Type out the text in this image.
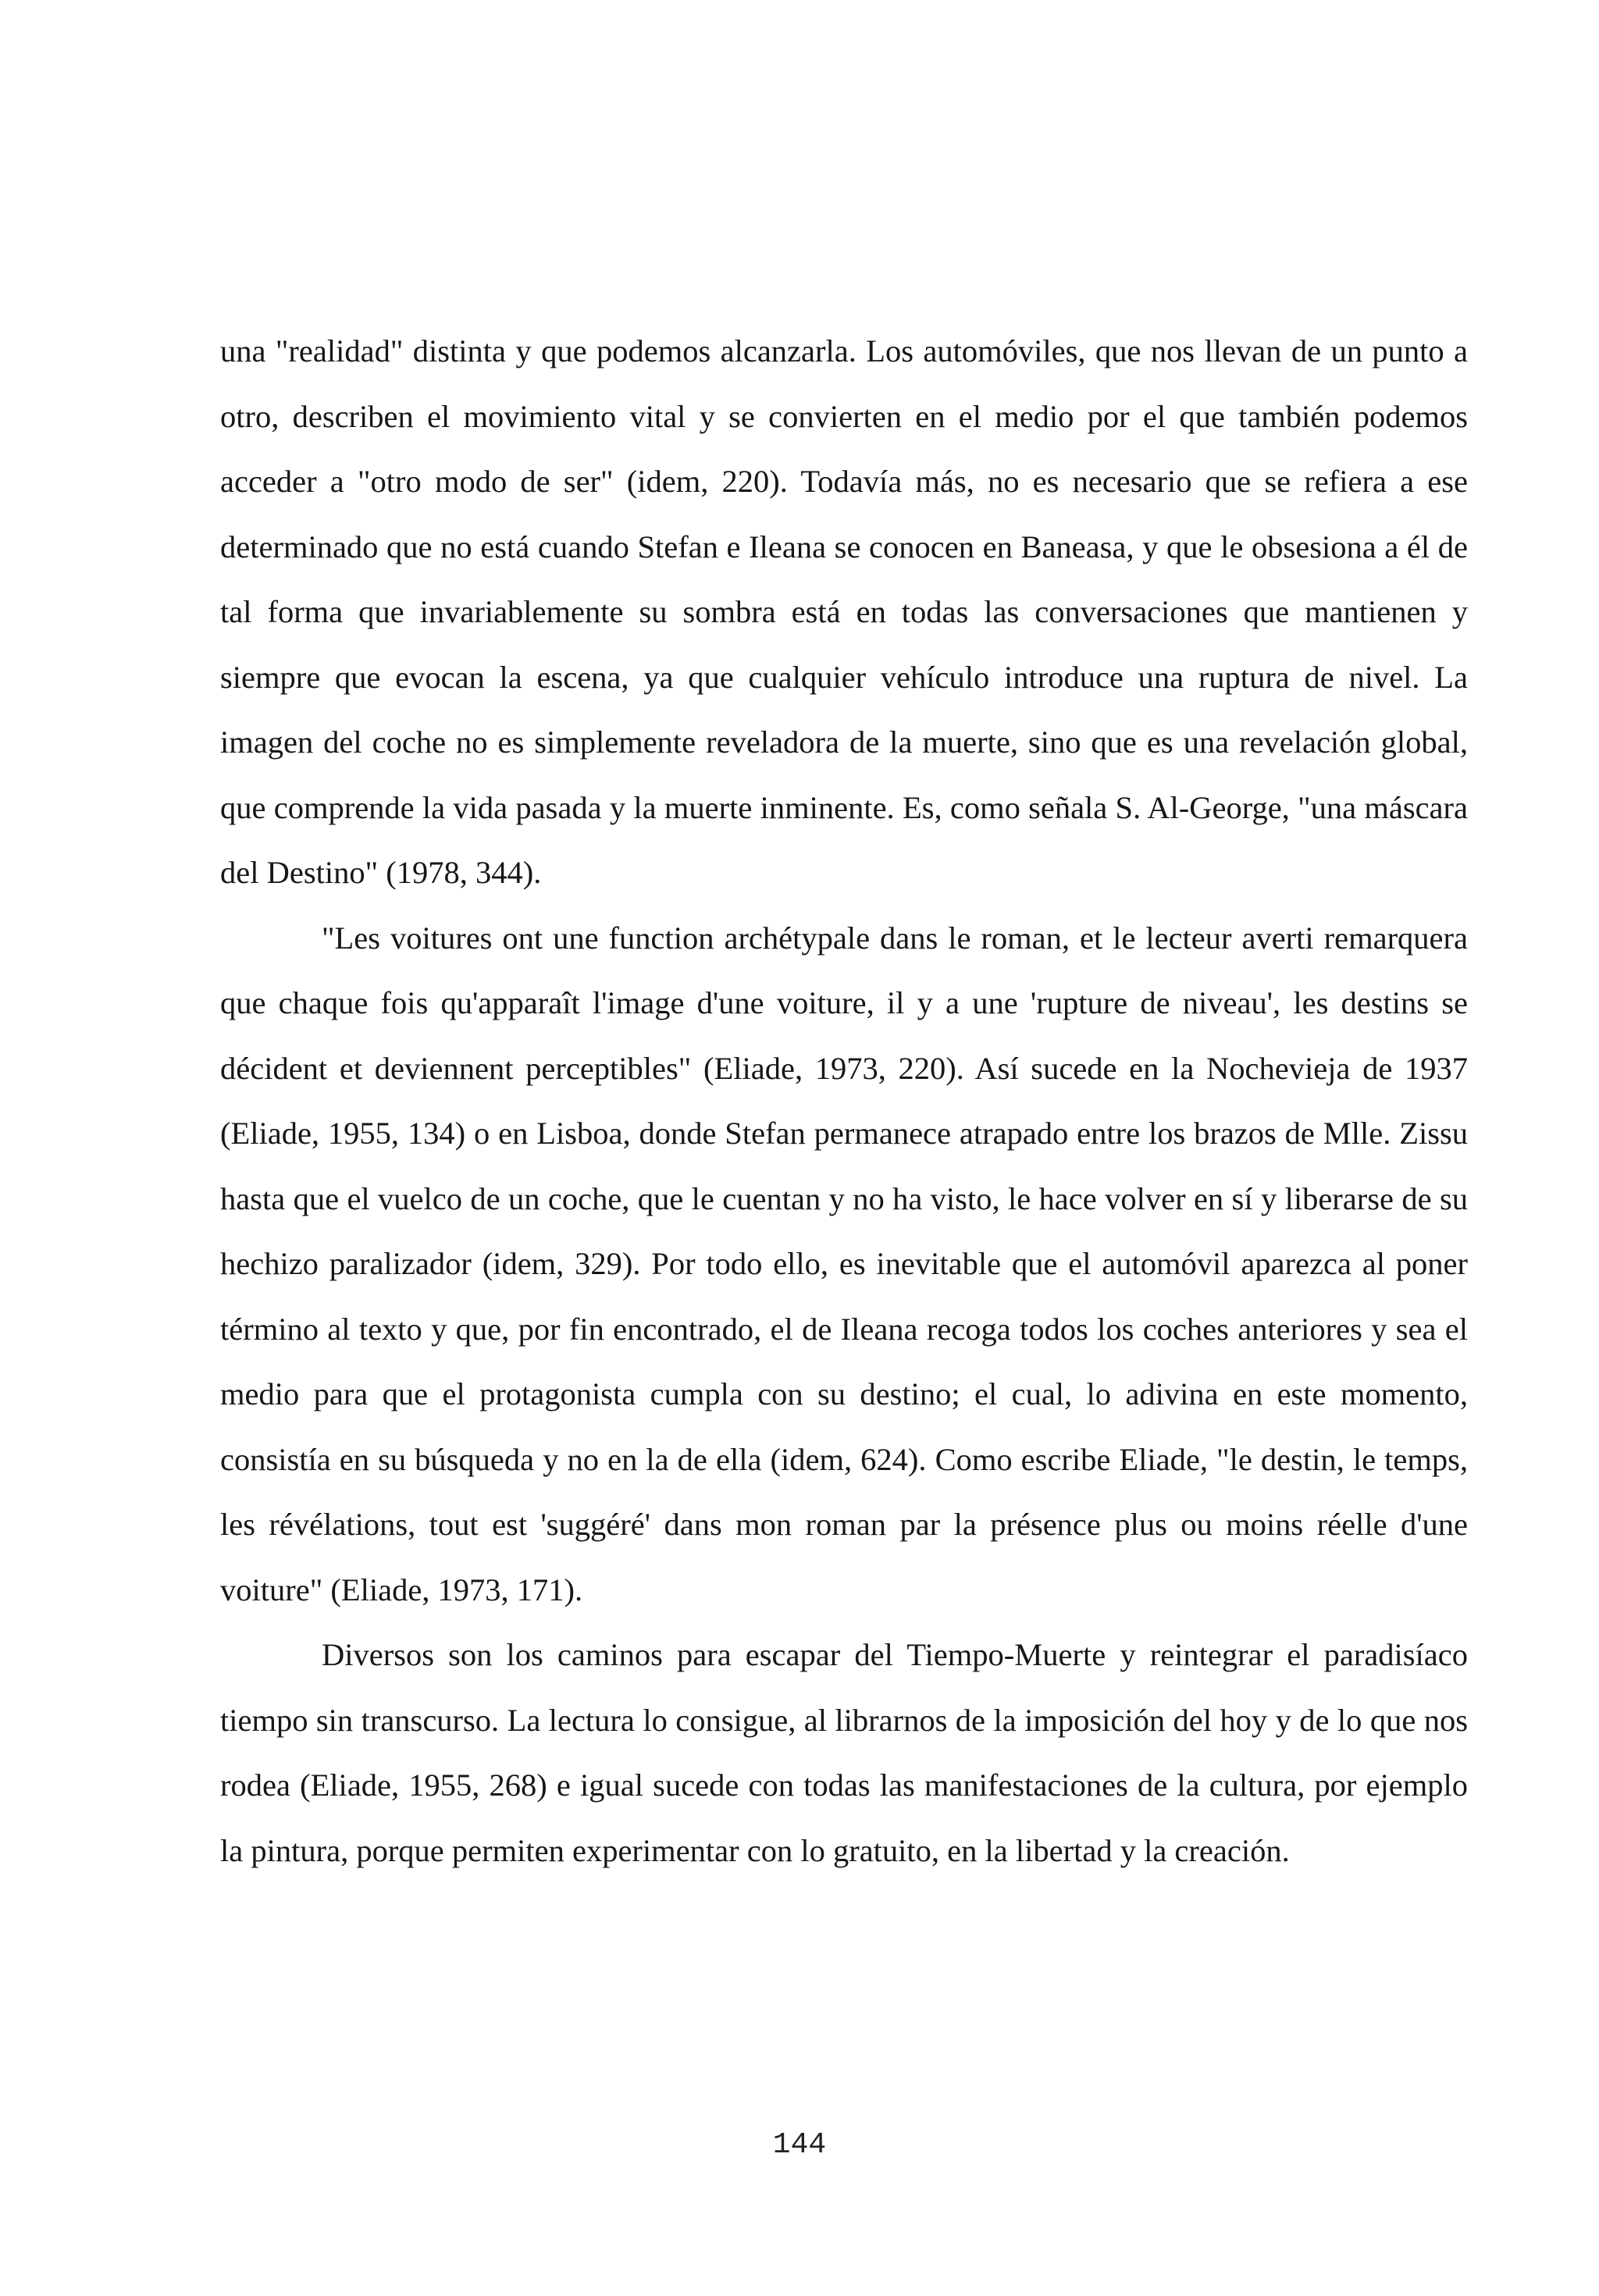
una "realidad" distinta y que podemos alcanzarla. Los automóviles, que nos llevan de un punto a otro, describen el movimiento vital y se convierten en el medio por el que también podemos acceder a "otro modo de ser" (idem, 220). Todavía más, no es necesario que se refiera a ese determinado que no está cuando Stefan e Ileana se conocen en Baneasa, y que le obsesiona a él de tal forma que invariablemente su sombra está en todas las conversaciones que mantienen y siempre que evocan la escena, ya que cualquier vehículo introduce una ruptura de nivel. La imagen del coche no es simplemente reveladora de la muerte, sino que es una revelación global, que comprende la vida pasada y la muerte inminente. Es, como señala S. Al-George, "una máscara del Destino" (1978, 344).

"Les voitures ont une function archétypale dans le roman, et le lecteur averti remarquera que chaque fois qu'apparaît l'image d'une voiture, il y a une 'rupture de niveau', les destins se décident et deviennent perceptibles" (Eliade, 1973, 220). Así sucede en la Nochevieja de 1937 (Eliade, 1955, 134) o en Lisboa, donde Stefan permanece atrapado entre los brazos de Mlle. Zissu hasta que el vuelco de un coche, que le cuentan y no ha visto, le hace volver en sí y liberarse de su hechizo paralizador (idem, 329). Por todo ello, es inevitable que el automóvil aparezca al poner término al texto y que, por fin encontrado, el de Ileana recoga todos los coches anteriores y sea el medio para que el protagonista cumpla con su destino; el cual, lo adivina en este momento, consistía en su búsqueda y no en la de ella (idem, 624). Como escribe Eliade, "le destin, le temps, les révélations, tout est 'suggéré' dans mon roman par la présence plus ou moins réelle d'une voiture" (Eliade, 1973, 171).

Diversos son los caminos para escapar del Tiempo-Muerte y reintegrar el paradisíaco tiempo sin transcurso. La lectura lo consigue, al librarnos de la imposición del hoy y de lo que nos rodea (Eliade, 1955, 268) e igual sucede con todas las manifestaciones de la cultura, por ejemplo la pintura, porque permiten experimentar con lo gratuito, en la libertad y la creación.

144
